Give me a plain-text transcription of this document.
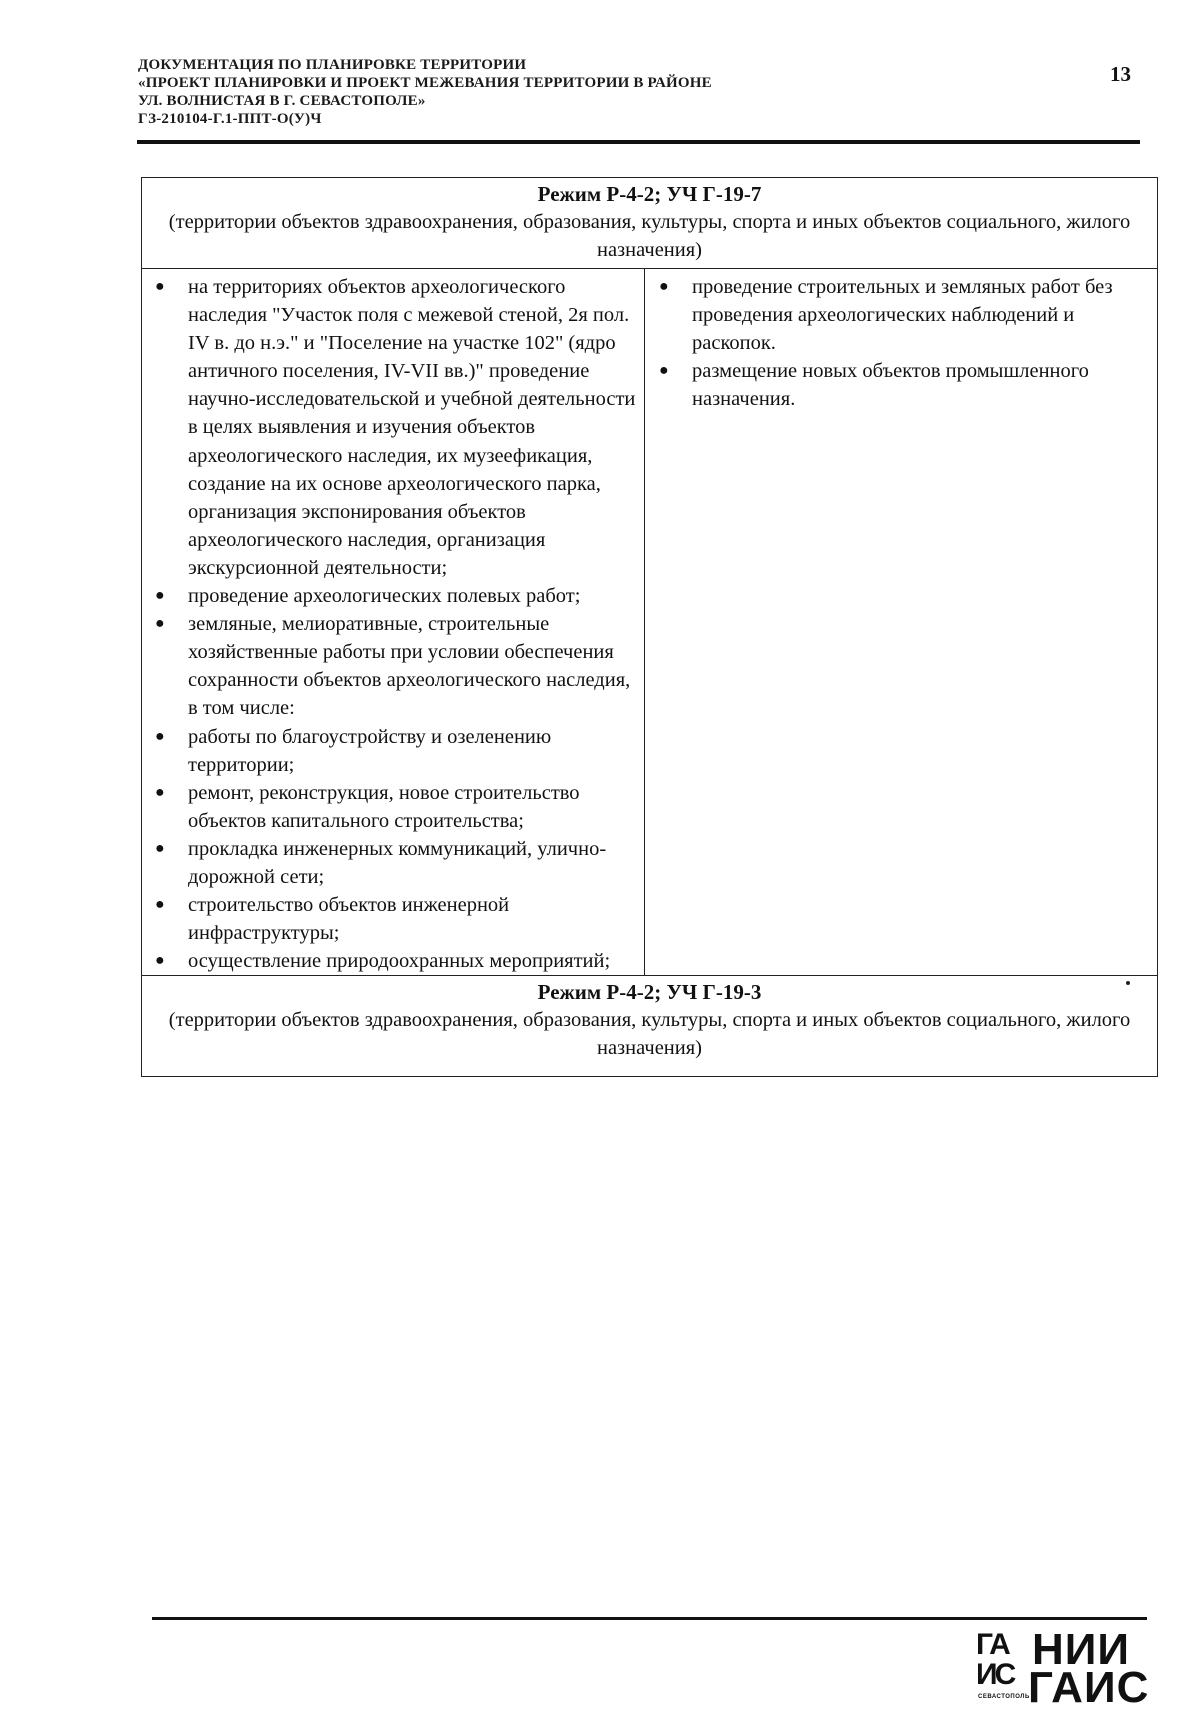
ДОКУМЕНТАЦИЯ ПО ПЛАНИРОВКЕ ТЕРРИТОРИИ
«ПРОЕКТ ПЛАНИРОВКИ И ПРОЕКТ МЕЖЕВАНИЯ ТЕРРИТОРИИ В РАЙОНЕ
УЛ. ВОЛНИСТАЯ В Г. СЕВАСТОПОЛЕ»
ГЗ-210104-Г.1-ППТ-О(У)Ч
13
Режим Р-4-2; УЧ Г-19-7
(территории объектов здравоохранения, образования, культуры, спорта и иных объектов социального, жилого назначения)

● на территориях объектов археологического наследия "Участок поля с межевой стеной, 2я пол. IV в. до н.э." и "Поселение на участке 102" (ядро античного поселения, IV-VII вв.)" проведение научно-исследовательской и учебной деятельности в целях выявления и изучения объектов археологического наследия, их музеефикация, создание на их основе археологического парка, организация экспонирования объектов археологического наследия, организация экскурсионной деятельности;
● проведение археологических полевых работ;
● земляные, мелиоративные, строительные хозяйственные работы при условии обеспечения сохранности объектов археологического наследия, в том числе:
● работы по благоустройству и озеленению территории;
● ремонт, реконструкция, новое строительство объектов капитального строительства;
● прокладка инженерных коммуникаций, улично-дорожной сети;
● строительство объектов инженерной инфраструктуры;
● осуществление природоохранных мероприятий;

● проведение строительных и земляных работ без проведения археологических наблюдений и раскопок.
● размещение новых объектов промышленного назначения.

Режим Р-4-2; УЧ Г-19-3
(территории объектов здравоохранения, образования, культуры, спорта и иных объектов социального, жилого назначения)
ГА
ИС
СЕВАСТОПОЛЬ
НИИ
ГАИС
